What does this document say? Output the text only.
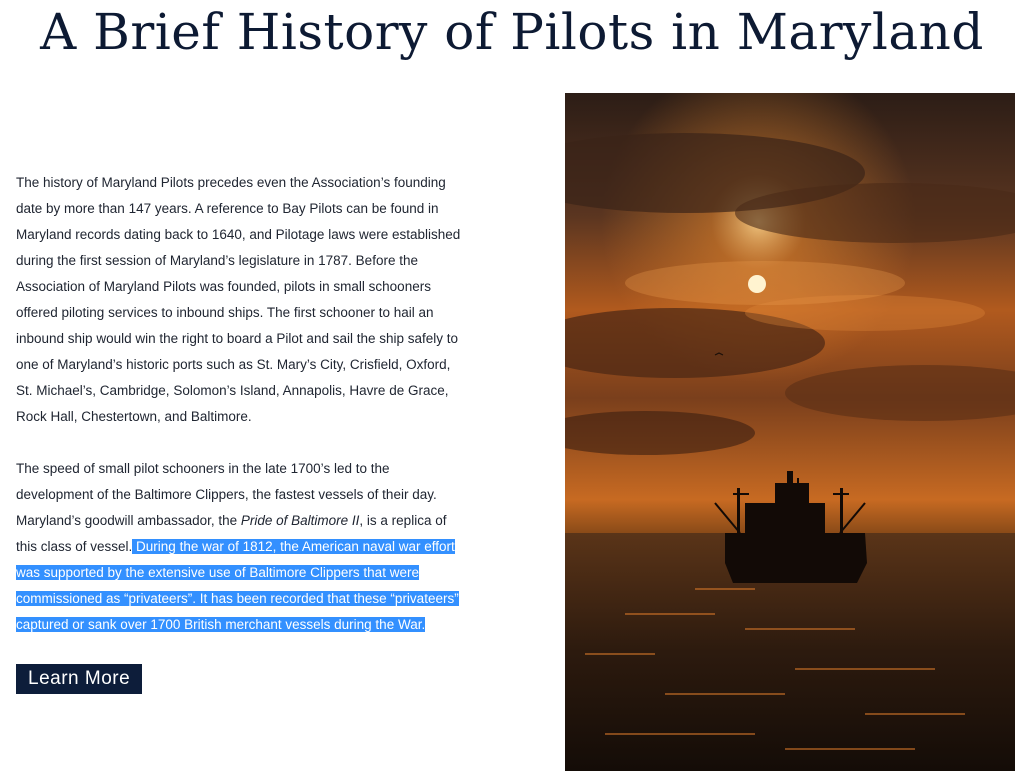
A Brief History of Pilots in Maryland

The history of Maryland Pilots precedes even the Association’s founding date by more than 147 years. A reference to Bay Pilots can be found in Maryland records dating back to 1640, and Pilotage laws were established during the first session of Maryland’s legislature in 1787. Before the Association of Maryland Pilots was founded, pilots in small schooners offered piloting services to inbound ships. The first schooner to hail an inbound ship would win the right to board a Pilot and sail the ship safely to one of Maryland’s historic ports such as St. Mary’s City, Crisfield, Oxford, St. Michael’s, Cambridge, Solomon’s Island, Annapolis, Havre de Grace, Rock Hall, Chestertown, and Baltimore.

The speed of small pilot schooners in the late 1700’s led to the development of the Baltimore Clippers, the fastest vessels of their day. Maryland’s goodwill ambassador, the Pride of Baltimore II, is a replica of this class of vessel. During the war of 1812, the American naval war effort was supported by the extensive use of Baltimore Clippers that were commissioned as “privateers”. It has been recorded that these “privateers” captured or sank over 1700 British merchant vessels during the War.

Learn More
